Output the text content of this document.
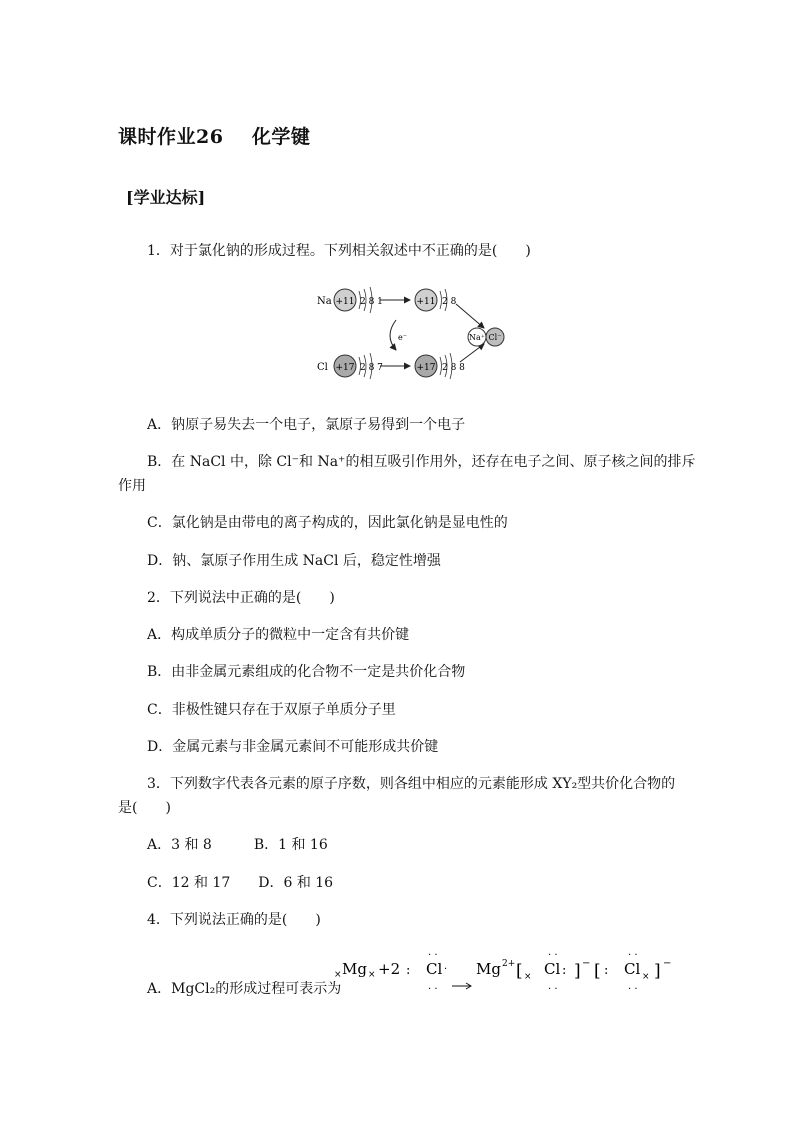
课时作业26    化学键
[学业达标]
1．对于氯化钠的形成过程。下列相关叙述中不正确的是(　　)
Na +11 2 8 1	+11 2 8
e⁻
Cl +17 2 8 7	+17 2 8 8
Na⁺ Cl⁻
A．钠原子易失去一个电子，氯原子易得到一个电子
B．在 NaCl 中，除 Cl⁻和 Na⁺的相互吸引作用外，还存在电子之间、原子核之间的排斥
作用
C．氯化钠是由带电的离子构成的，因此氯化钠是显电性的
D．钠、氯原子作用生成 NaCl 后，稳定性增强
2．下列说法中正确的是(　　)
A．构成单质分子的微粒中一定含有共价键
B．由非金属元素组成的化合物不一定是共价化合物
C．非极性键只存在于双原子单质分子里
D．金属元素与非金属元素间不可能形成共价键
3．下列数字代表各元素的原子序数，则各组中相应的元素能形成 XY₂型共价化合物的
是(　　)
A．3 和 8　　　B．1 和 16
C．12 和 17　　D．6 和 16
4．下列说法正确的是(　　)
A．MgCl₂的形成过程可表示为
× Mg × +2 :
· ·
Cl ·
· ·
Mg 2+ [ ×
· ·
Cl :
· ·
] − [ :
· ·
Cl ×
· ·
] −
